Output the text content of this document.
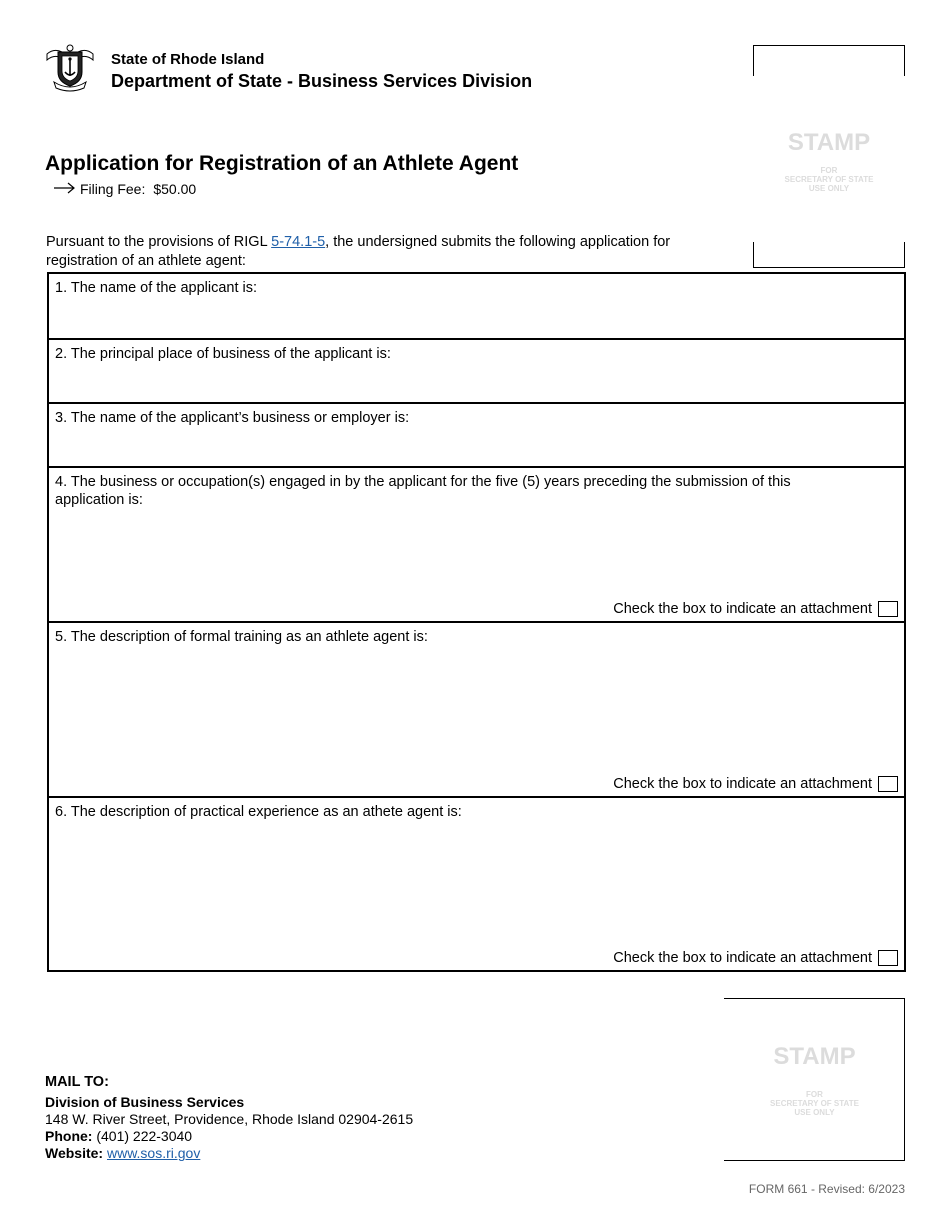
State of Rhode Island
Department of State - Business Services Division
STAMP
FOR
SECRETARY OF STATE
USE ONLY
Application for Registration of an Athlete Agent
Filing Fee: $50.00
Pursuant to the provisions of RIGL 5-74.1-5, the undersigned submits the following application for registration of an athlete agent:
1. The name of the applicant is:
2. The principal place of business of the applicant is:
3. The name of the applicant’s business or employer is:
4. The business or occupation(s) engaged in by the applicant for the five (5) years preceding the submission of this application is:
Check the box to indicate an attachment
5. The description of formal training as an athlete agent is:
Check the box to indicate an attachment
6. The description of practical experience as an athete agent is:
Check the box to indicate an attachment
STAMP
FOR
SECRETARY OF STATE
USE ONLY
MAIL TO:
Division of Business Services
148 W. River Street, Providence, Rhode Island 02904-2615
Phone: (401) 222-3040
Website: www.sos.ri.gov
FORM 661 - Revised: 6/2023
